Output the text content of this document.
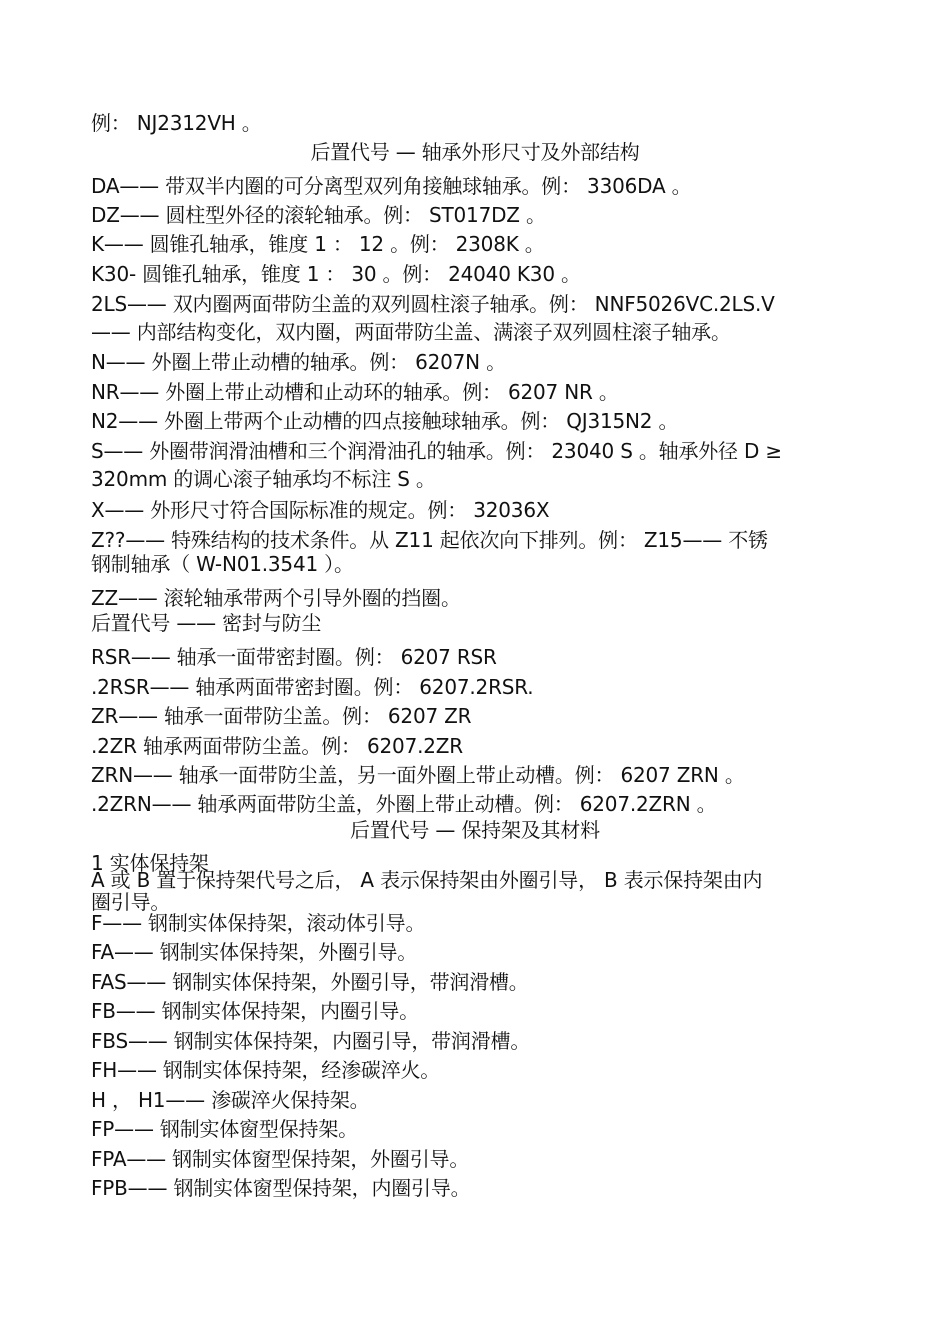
例： NJ2312VH 。
后置代号 — 轴承外形尺寸及外部结构
DA—— 带双半内圈的可分离型双列角接触球轴承。例： 3306DA 。
DZ—— 圆柱型外径的滚轮轴承。例： ST017DZ 。
K—— 圆锥孔轴承，锥度 1 ： 12 。例： 2308K 。
K30- 圆锥孔轴承，锥度 1 ： 30 。例： 24040 K30 。
2LS—— 双内圈两面带防尘盖的双列圆柱滚子轴承。例： NNF5026VC.2LS.V
—— 内部结构变化，双内圈，两面带防尘盖、满滚子双列圆柱滚子轴承。
N—— 外圈上带止动槽的轴承。例： 6207N 。
NR—— 外圈上带止动槽和止动环的轴承。例： 6207 NR 。
N2—— 外圈上带两个止动槽的四点接触球轴承。例： QJ315N2 。
S—— 外圈带润滑油槽和三个润滑油孔的轴承。例： 23040 S 。轴承外径 D ≥
320mm 的调心滚子轴承均不标注 S 。
X—— 外形尺寸符合国际标准的规定。例： 32036X
Z??—— 特殊结构的技术条件。从 Z11 起依次向下排列。例： Z15—— 不锈
钢制轴承（ W-N01.3541 ）。
ZZ—— 滚轮轴承带两个引导外圈的挡圈。
后置代号 —— 密封与防尘
RSR—— 轴承一面带密封圈。例： 6207 RSR
.2RSR—— 轴承两面带密封圈。例： 6207.2RSR.
ZR—— 轴承一面带防尘盖。例： 6207 ZR
.2ZR 轴承两面带防尘盖。例： 6207.2ZR
ZRN—— 轴承一面带防尘盖，另一面外圈上带止动槽。例： 6207 ZRN 。
.2ZRN—— 轴承两面带防尘盖，外圈上带止动槽。例： 6207.2ZRN 。
后置代号 — 保持架及其材料
1 实体保持架
A 或 B 置于保持架代号之后， A 表示保持架由外圈引导， B 表示保持架由内
圈引导。
F—— 钢制实体保持架，滚动体引导。
FA—— 钢制实体保持架，外圈引导。
FAS—— 钢制实体保持架，外圈引导，带润滑槽。
FB—— 钢制实体保持架，内圈引导。
FBS—— 钢制实体保持架，内圈引导，带润滑槽。
FH—— 钢制实体保持架，经渗碳淬火。
H ， H1—— 渗碳淬火保持架。
FP—— 钢制实体窗型保持架。
FPA—— 钢制实体窗型保持架，外圈引导。
FPB—— 钢制实体窗型保持架，内圈引导。
